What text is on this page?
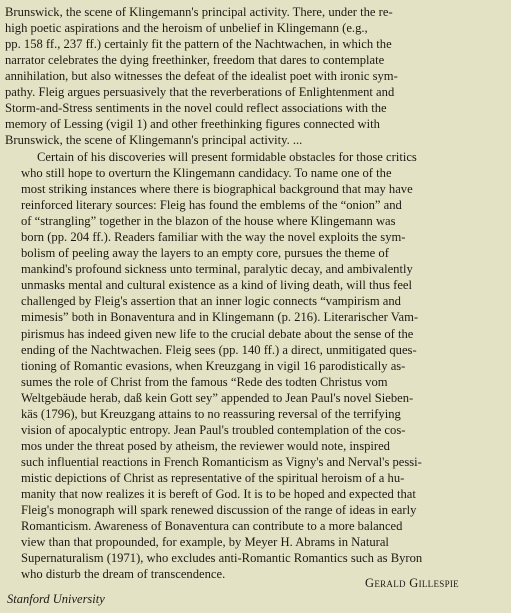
Brunswick, the scene of Klingemann's principal activity. There, under the re-
high poetic aspirations and the heroism of unbelief in Klingemann (e.g.,
pp. 158 ff., 237 ff.) certainly fit the pattern of the Nachtwachen, in which the
narrator celebrates the dying freethinker, freedom that dares to contemplate
annihilation, but also witnesses the defeat of the idealist poet with ironic sym-
pathy. Fleig argues persuasively that the reverberations of Enlightenment and
Storm-and-Stress sentiments in the novel could reflect associations with the
memory of Lessing (vigil 1) and other freethinking figures connected with
Brunswick, the scene of Klingemann's principal activity. ...
Certain of his discoveries will present formidable obstacles for those critics
who still hope to overturn the Klingemann candidacy. To name one of the
most striking instances where there is biographical background that may have
reinforced literary sources: Fleig has found the emblems of the “onion” and
of “strangling” together in the blazon of the house where Klingemann was
born (pp. 204 ff.). Readers familiar with the way the novel exploits the sym-
bolism of peeling away the layers to an empty core, pursues the theme of
mankind's profound sickness unto terminal, paralytic decay, and ambivalently
unmasks mental and cultural existence as a kind of living death, will thus feel
challenged by Fleig's assertion that an inner logic connects “vampirism and
mimesis” both in Bonaventura and in Klingemann (p. 216). Literarischer Vam-
pirismus has indeed given new life to the crucial debate about the sense of the
ending of the Nachtwachen. Fleig sees (pp. 140 ff.) a direct, unmitigated ques-
tioning of Romantic evasions, when Kreuzgang in vigil 16 parodistically as-
sumes the role of Christ from the famous “Rede des todten Christus vom
Weltgebäude herab, daß kein Gott sey” appended to Jean Paul's novel Sieben-
käs (1796), but Kreuzgang attains to no reassuring reversal of the terrifying
vision of apocalyptic entropy. Jean Paul's troubled contemplation of the cos-
mos under the threat posed by atheism, the reviewer would note, inspired
such influential reactions in French Romanticism as Vigny's and Nerval's pessi-
mistic depictions of Christ as representative of the spiritual heroism of a hu-
manity that now realizes it is bereft of God. It is to be hoped and expected that
Fleig's monograph will spark renewed discussion of the range of ideas in early
Romanticism. Awareness of Bonaventura can contribute to a more balanced
view than that propounded, for example, by Meyer H. Abrams in Natural
Supernaturalism (1971), who excludes anti-Romantic Romantics such as Byron
who disturb the dream of transcendence.
Gerald Gillespie
Stanford University
